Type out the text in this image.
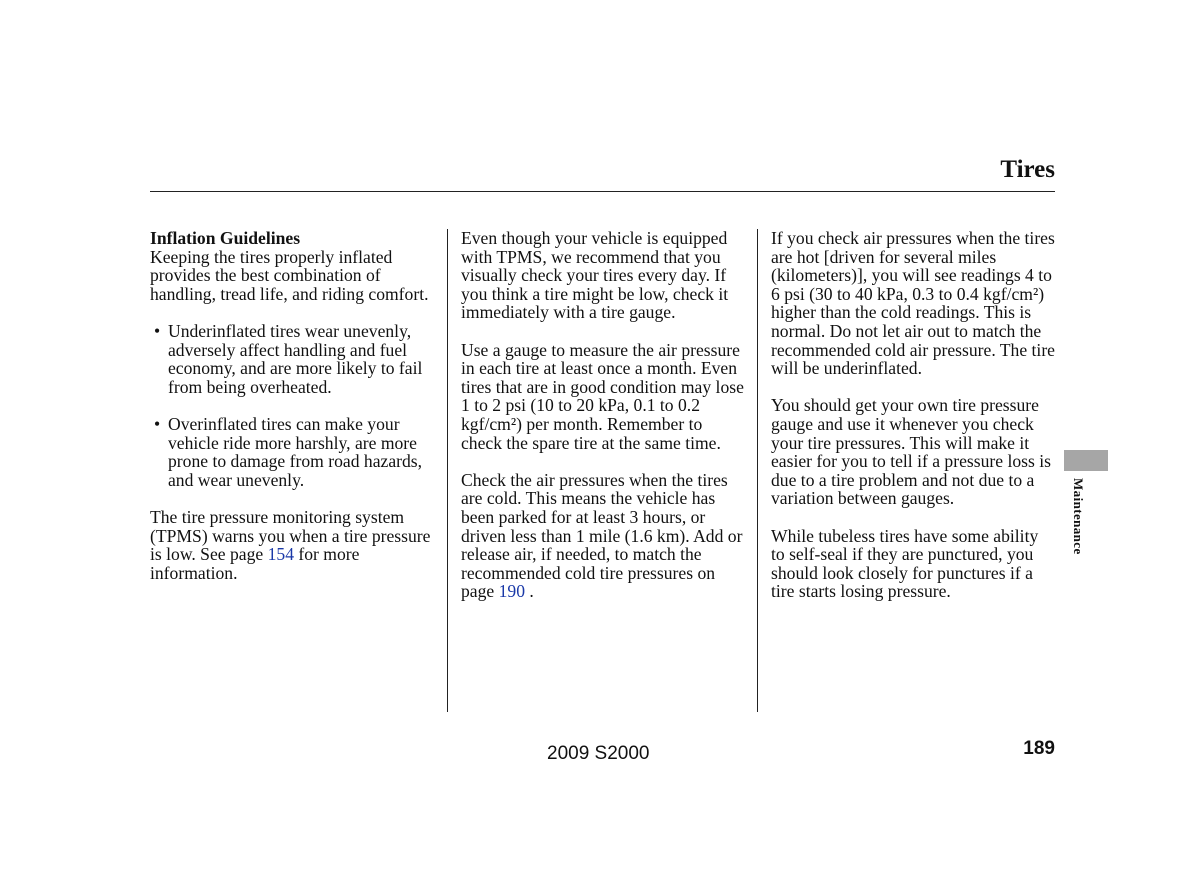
Tires
Inflation Guidelines

Keeping the tires properly inflated provides the best combination of handling, tread life, and riding comfort.

• Underinflated tires wear unevenly, adversely affect handling and fuel economy, and are more likely to fail from being overheated.
• Overinflated tires can make your vehicle ride more harshly, are more prone to damage from road hazards, and wear unevenly.

The tire pressure monitoring system (TPMS) warns you when a tire pressure is low. See page 154 for more information.

Even though your vehicle is equipped with TPMS, we recommend that you visually check your tires every day. If you think a tire might be low, check it immediately with a tire gauge.

Use a gauge to measure the air pressure in each tire at least once a month. Even tires that are in good condition may lose 1 to 2 psi (10 to 20 kPa, 0.1 to 0.2 kgf/cm²) per month. Remember to check the spare tire at the same time.

Check the air pressures when the tires are cold. This means the vehicle has been parked for at least 3 hours, or driven less than 1 mile (1.6 km). Add or release air, if needed, to match the recommended cold tire pressures on page 190 .

If you check air pressures when the tires are hot [driven for several miles (kilometers)], you will see readings 4 to 6 psi (30 to 40 kPa, 0.3 to 0.4 kgf/cm²) higher than the cold readings. This is normal. Do not let air out to match the recommended cold air pressure. The tire will be underinflated.

You should get your own tire pressure gauge and use it whenever you check your tire pressures. This will make it easier for you to tell if a pressure loss is due to a tire problem and not due to a variation between gauges.

While tubeless tires have some ability to self-seal if they are punctured, you should look closely for punctures if a tire starts losing pressure.

Maintenance
2009 S2000	189
